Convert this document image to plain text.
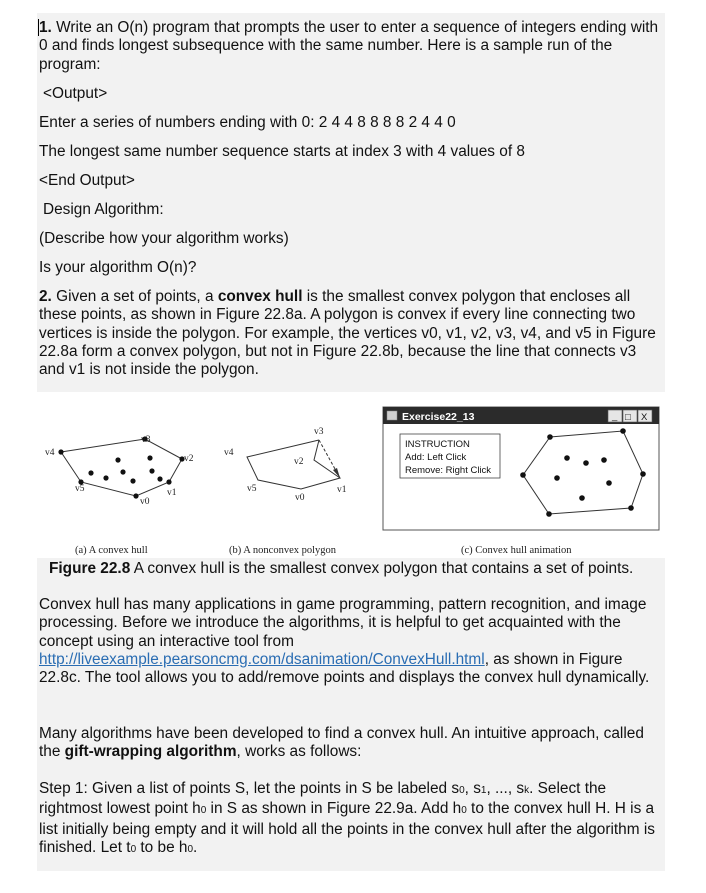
1. Write an O(n) program that prompts the user to enter a sequence of integers ending with 0 and finds longest subsequence with the same number. Here is a sample run of the program:
<Output>
Enter a series of numbers ending with 0: 2 4 4 8 8 8 8 2 4 4 0
The longest same number sequence starts at index 3 with 4 values of 8
<End Output>
Design Algorithm:
(Describe how your algorithm works)
Is your algorithm O(n)?
2. Given a set of points, a convex hull is the smallest convex polygon that encloses all these points, as shown in Figure 22.8a. A polygon is convex if every line connecting two vertices is inside the polygon. For example, the vertices v0, v1, v2, v3, v4, and v5 in Figure 22.8a form a convex polygon, but not in Figure 22.8b, because the line that connects v3 and v1 is not inside the polygon.
v0
v1
v2
v3
v4
v5
(a) A convex hull
v0
v1
v2
v3
v4
v5
(b) A nonconvex polygon
Exercise22_13	_ □ X
INSTRUCTION
Add: Left Click
Remove: Right Click
(c) Convex hull animation
Figure 22.8 A convex hull is the smallest convex polygon that contains a set of points.
Convex hull has many applications in game programming, pattern recognition, and image processing. Before we introduce the algorithms, it is helpful to get acquainted with the concept using an interactive tool from http://liveexample.pearsoncmg.com/dsanimation/ConvexHull.html, as shown in Figure 22.8c. The tool allows you to add/remove points and displays the convex hull dynamically.
Many algorithms have been developed to find a convex hull. An intuitive approach, called the gift-wrapping algorithm, works as follows:
Step 1: Given a list of points S, let the points in S be labeled s0, s1, ..., sk. Select the rightmost lowest point h0 in S as shown in Figure 22.9a. Add h0 to the convex hull H. H is a list initially being empty and it will hold all the points in the convex hull after the algorithm is finished. Let t0 to be h0.
